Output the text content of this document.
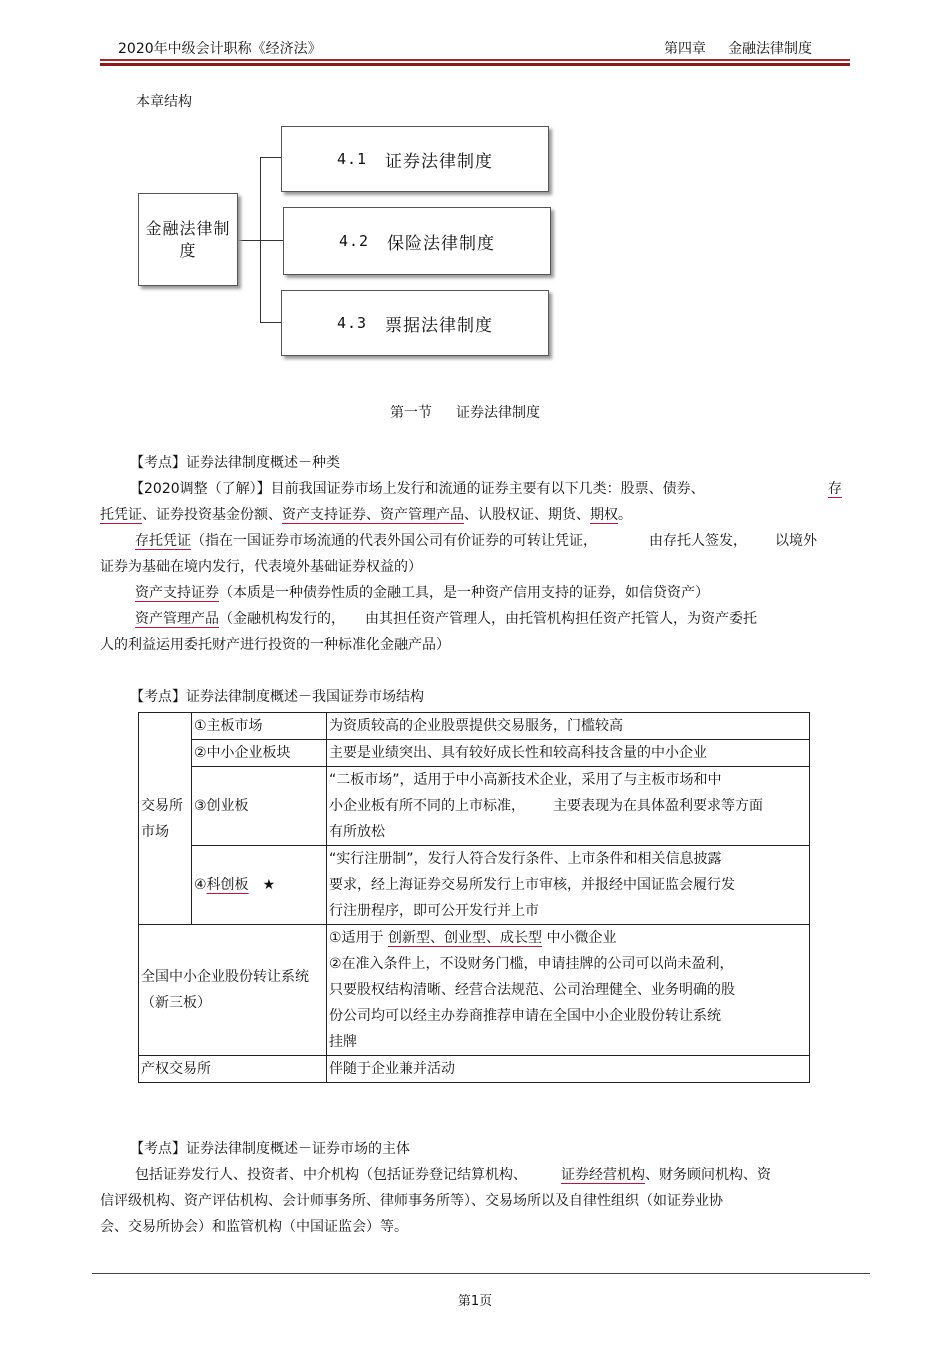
2020年中级会计职称《经济法》	第四章 金融法律制度
本章结构
金融法律制度
4.1 证券法律制度
4.2 保险法律制度
4.3 票据法律制度
第一节 证券法律制度
【考点】证券法律制度概述－种类
【2020调整（了解）】目前我国证券市场上发行和流通的证券主要有以下几类：股票、债券、	存
托凭证、证券投资基金份额、资产支持证券、资产管理产品、认股权证、期货、期权。
存托凭证（指在一国证券市场流通的代表外国公司有价证券的可转让凭证，	由存托人签发， 以境外
证券为基础在境内发行，代表境外基础证券权益的）
资产支持证券（本质是一种债券性质的金融工具，是一种资产信用支持的证券，如信贷资产）
资产管理产品（金融机构发行的， 由其担任资产管理人，由托管机构担任资产托管人，为资产委托
人的利益运用委托财产进行投资的一种标准化金融产品）
【考点】证券法律制度概述－我国证券市场结构
交易所市场	①主板市场	为资质较高的企业股票提供交易服务，门槛较高
	②中小企业板块	主要是业绩突出、具有较好成长性和较高科技含量的中小企业
	③创业板	“二板市场”，适用于中小高新技术企业，采用了与主板市场和中
小企业板有所不同的上市标准， 主要表现为在具体盈利要求等方面
有所放松

	④科创板 ★	“实行注册制”，发行人符合发行条件、上市条件和相关信息披露
要求，经上海证券交易所发行上市审核，并报经中国证监会履行发
行注册程序，即可公开发行并上市

全国中小企业股份转让系统（新三板）		①适用于 创新型、创业型、成长型 中小微企业
②在准入条件上，不设财务门槛，申请挂牌的公司可以尚未盈利，
只要股权结构清晰、经营合法规范、公司治理健全、业务明确的股
份公司均可以经主办券商推荐申请在全国中小企业股份转让系统
挂牌

产权交易所		伴随于企业兼并活动
【考点】证券法律制度概述－证券市场的主体
包括证券发行人、投资者、中介机构（包括证券登记结算机构、 证券经营机构、财务顾问机构、资
信评级机构、资产评估机构、会计师事务所、律师事务所等）、交易场所以及自律性组织（如证券业协
会、交易所协会）和监管机构（中国证监会）等。
第1页
